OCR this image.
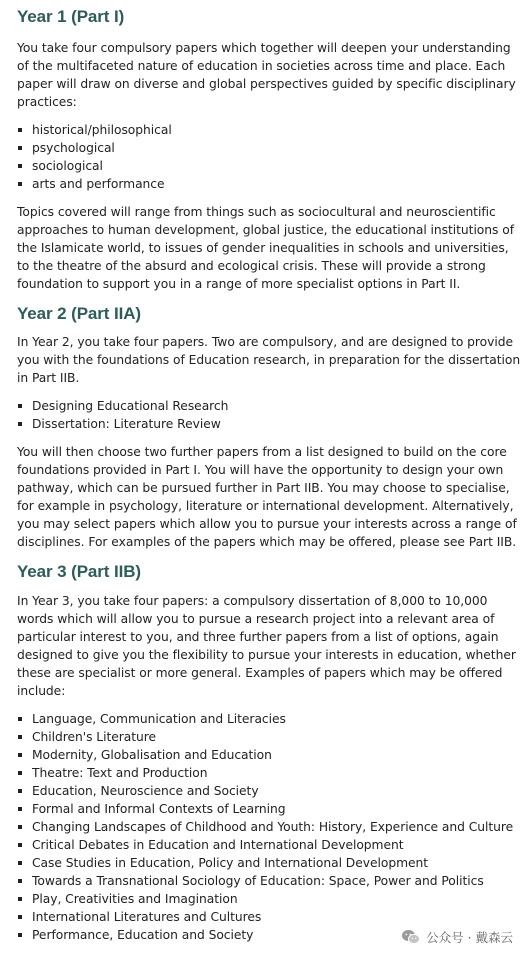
Year 1 (Part I)

You take four compulsory papers which together will deepen your understanding of the multifaceted nature of education in societies across time and place. Each paper will draw on diverse and global perspectives guided by specific disciplinary practices:

historical/philosophical
psychological
sociological
arts and performance

Topics covered will range from things such as sociocultural and neuroscientific approaches to human development, global justice, the educational institutions of the Islamicate world, to issues of gender inequalities in schools and universities, to the theatre of the absurd and ecological crisis. These will provide a strong foundation to support you in a range of more specialist options in Part II.

Year 2 (Part IIA)

In Year 2, you take four papers. Two are compulsory, and are designed to provide you with the foundations of Education research, in preparation for the dissertation in Part IIB.

Designing Educational Research
Dissertation: Literature Review

You will then choose two further papers from a list designed to build on the core foundations provided in Part I. You will have the opportunity to design your own pathway, which can be pursued further in Part IIB. You may choose to specialise, for example in psychology, literature or international development. Alternatively, you may select papers which allow you to pursue your interests across a range of disciplines. For examples of the papers which may be offered, please see Part IIB.

Year 3 (Part IIB)

In Year 3, you take four papers: a compulsory dissertation of 8,000 to 10,000 words which will allow you to pursue a research project into a relevant area of particular interest to you, and three further papers from a list of options, again designed to give you the flexibility to pursue your interests in education, whether these are specialist or more general. Examples of papers which may be offered include:

Language, Communication and Literacies
Children's Literature
Modernity, Globalisation and Education
Theatre: Text and Production
Education, Neuroscience and Society
Formal and Informal Contexts of Learning
Changing Landscapes of Childhood and Youth: History, Experience and Culture
Critical Debates in Education and International Development
Case Studies in Education, Policy and International Development
Towards a Transnational Sociology of Education: Space, Power and Politics
Play, Creativities and Imagination
International Literatures and Cultures
Performance, Education and Society	公众号 · 戴森云
